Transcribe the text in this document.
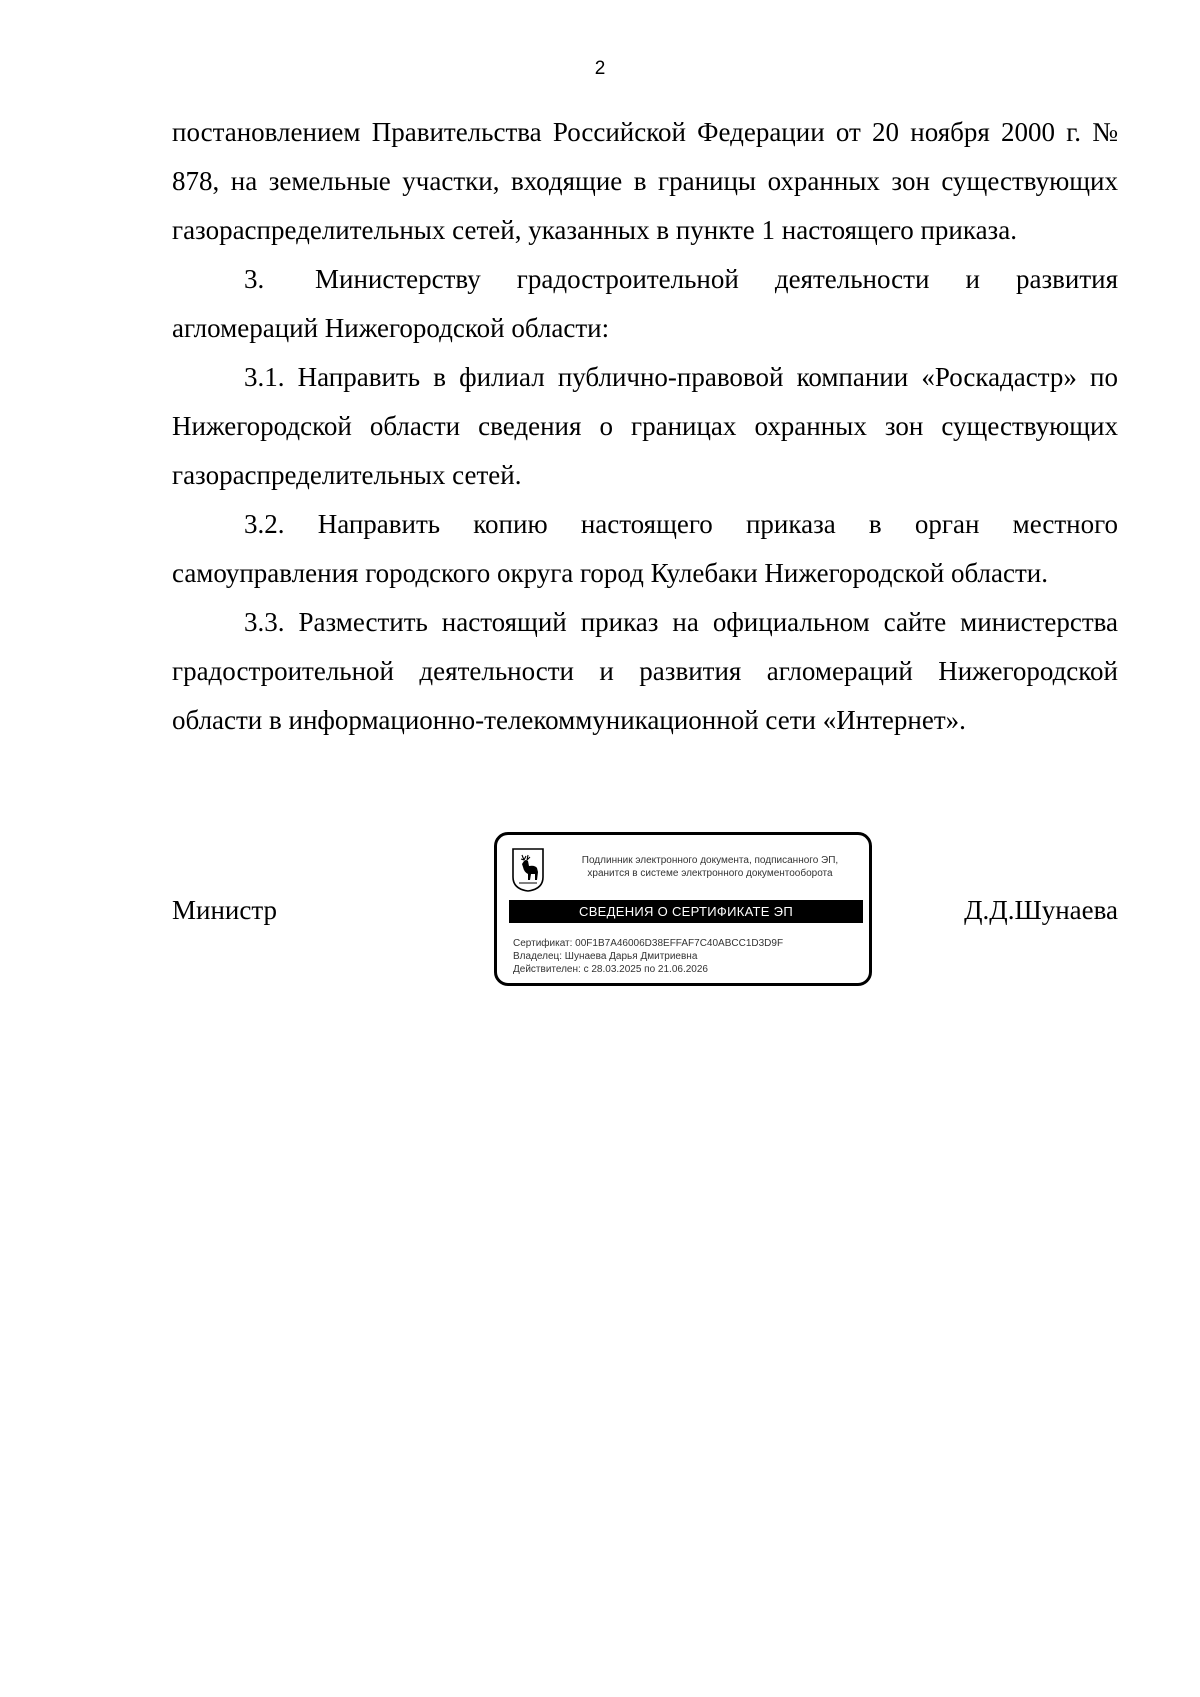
2

постановлением Правительства Российской Федерации от 20 ноября 2000 г. № 878, на земельные участки, входящие в границы охранных зон существующих газораспределительных сетей, указанных в пункте 1 настоящего приказа.

3. Министерству градостроительной деятельности и развития агломераций Нижегородской области:

3.1. Направить в филиал публично-правовой компании «Роскадастр» по Нижегородской области сведения о границах охранных зон существующих газораспределительных сетей.

3.2. Направить копию настоящего приказа в орган местного самоуправления городского округа город Кулебаки Нижегородской области.

3.3. Разместить настоящий приказ на официальном сайте министерства градостроительной деятельности и развития агломераций Нижегородской области в информационно-телекоммуникационной сети «Интернет».

Министр	Д.Д.Шунаева
Подлинник электронного документа, подписанного ЭП,
хранится в системе электронного документооборота
СВЕДЕНИЯ О СЕРТИФИКАТЕ ЭП
Сертификат: 00F1B7A46006D38EFFAF7C40ABCC1D3D9F
Владелец: Шунаева Дарья Дмитриевна
Действителен: с 28.03.2025 по 21.06.2026
